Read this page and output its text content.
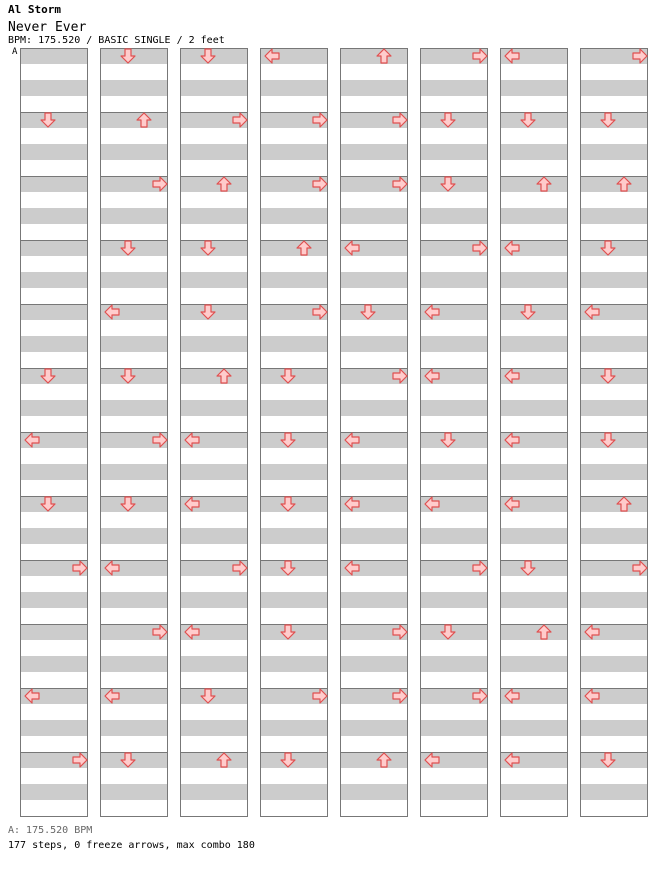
Al Storm
Never Ever
BPM: 175.520 / BASIC SINGLE / 2 feet
A
A: 175.520 BPM
177 steps, 0 freeze arrows, max combo 180
